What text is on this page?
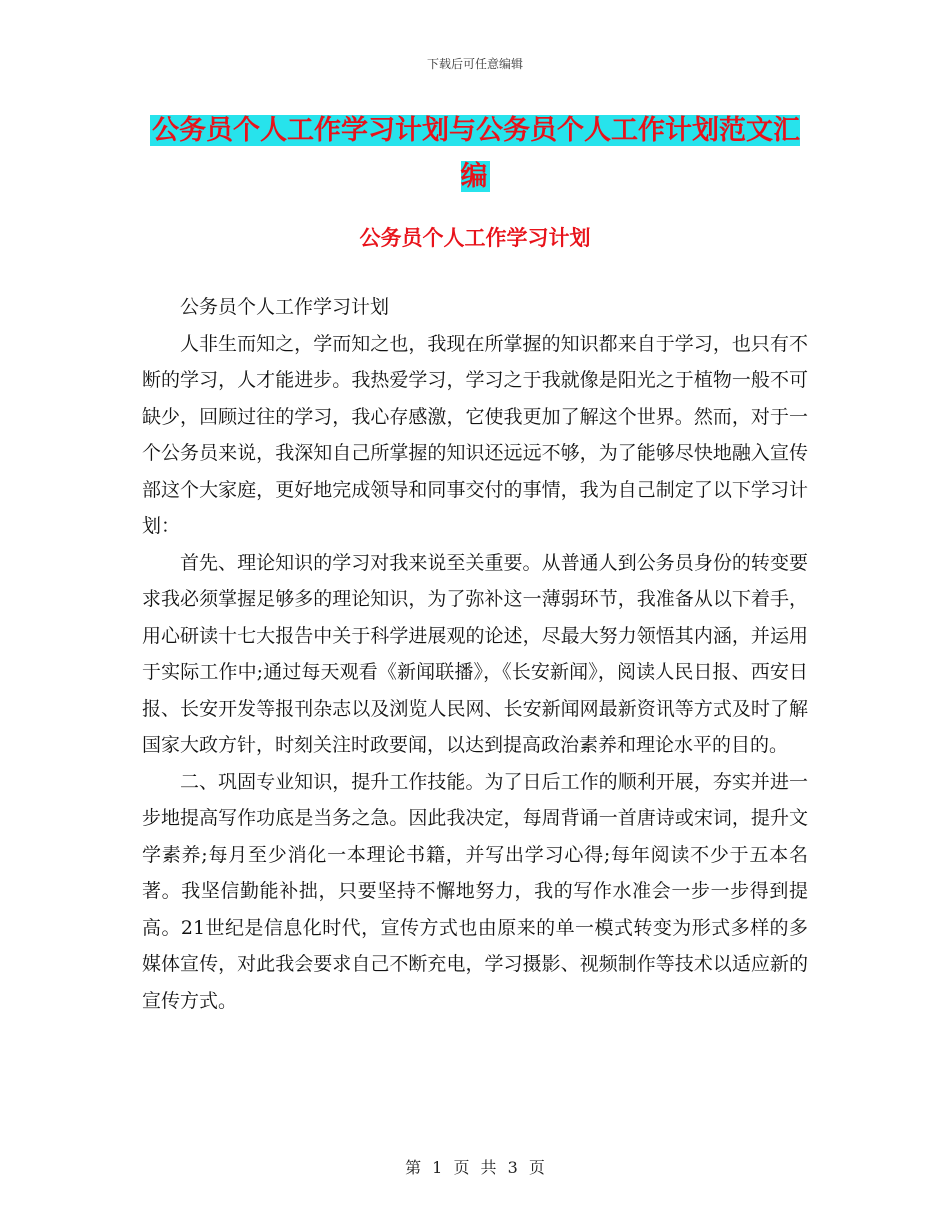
下载后可任意编辑
公务员个人工作学习计划与公务员个人工作计划范文汇编
公务员个人工作学习计划

公务员个人工作学习计划

人非生而知之，学而知之也，我现在所掌握的知识都来自于学习，也只有不断的学习，人才能进步。我热爱学习，学习之于我就像是阳光之于植物一般不可缺少，回顾过往的学习，我心存感激，它使我更加了解这个世界。然而，对于一个公务员来说，我深知自己所掌握的知识还远远不够，为了能够尽快地融入宣传部这个大家庭，更好地完成领导和同事交付的事情，我为自己制定了以下学习计划：

首先、理论知识的学习对我来说至关重要。从普通人到公务员身份的转变要求我必须掌握足够多的理论知识，为了弥补这一薄弱环节，我准备从以下着手，用心研读十七大报告中关于科学进展观的论述，尽最大努力领悟其内涵，并运用于实际工作中;通过每天观看《新闻联播》，《长安新闻》，阅读人民日报、西安日报、长安开发等报刊杂志以及浏览人民网、长安新闻网最新资讯等方式及时了解国家大政方针，时刻关注时政要闻，以达到提高政治素养和理论水平的目的。

二、巩固专业知识，提升工作技能。为了日后工作的顺利开展，夯实并进一步地提高写作功底是当务之急。因此我决定，每周背诵一首唐诗或宋词，提升文学素养;每月至少消化一本理论书籍，并写出学习心得;每年阅读不少于五本名著。我坚信勤能补拙，只要坚持不懈地努力，我的写作水准会一步一步得到提高。21世纪是信息化时代，宣传方式也由原来的单一模式转变为形式多样的多媒体宣传，对此我会要求自己不断充电，学习摄影、视频制作等技术以适应新的宣传方式。

第 1 页 共 3 页
